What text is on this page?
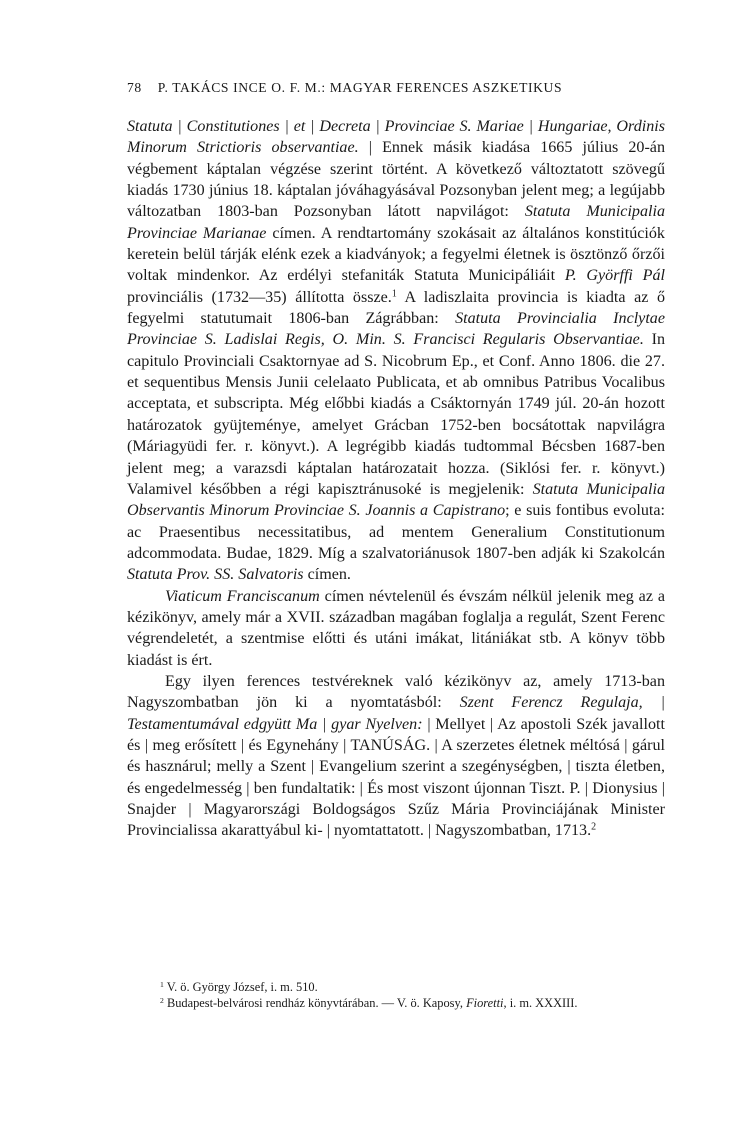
78 P. TAKÁCS INCE O. F. M.: MAGYAR FERENCES ASZKETIKUS

Statuta | Constitutiones | et | Decreta | Provinciae S. Mariae | Hungariae, Ordinis Minorum Strictioris observantiae. | Ennek másik kiadása 1665 július 20-án végbement káptalan végzése szerint történt. A következő változtatott szövegű kiadás 1730 június 18. káptalan jóváhagyásával Pozsonyban jelent meg; a legújabb változatban 1803-ban Pozsonyban látott napvilágot: Statuta Municipalia Provinciae Marianae címen. A rendtartomány szokásait az általános konstitúciók keretein belül tárják elénk ezek a kiadványok; a fegyelmi életnek is ösztönző őrzői voltak mindenkor. Az erdélyi stefaniták Statuta Municipáliáit P. Györffi Pál provinciális (1732—35) állította össze.$^1$ A ladiszlaita provincia is kiadta az ő fegyelmi statutumait 1806-ban Zágrábban: Statuta Provincialia Inclytae Provinciae S. Ladislai Regis, O. Min. S. Francisci Regularis Observantiae. In capitulo Provinciali Csaktornyae ad S. Nicobrum Ep., et Conf. Anno 1806. die 27. et sequentibus Mensis Junii celelaato Publicata, et ab omnibus Patribus Vocalibus acceptata, et subscripta. Még előbbi kiadás a Csáktornyán 1749 júl. 20-án hozott határozatok gyüjteménye, amelyet Grácban 1752-ben bocsátottak napvilágra (Máriagyüdi fer. r. könyvt.). A legrégibb kiadás tudtommal Bécsben 1687-ben jelent meg; a varazsdi káptalan határozatait hozza. (Siklósi fer. r. könyvt.) Valamivel későbben a régi kapisztránusoké is megjelenik: Statuta Municipalia Observantis Minorum Provinciae S. Joannis a Capistrano; e suis fontibus evoluta: ac Praesentibus necessitatibus, ad mentem Generalium Constitutionum adcommodata. Budae, 1829. Míg a szalvatoriánusok 1807-ben adják ki Szakolcán Statuta Prov. SS. Salvatoris címen.

Viaticum Franciscanum címen névtelenül és évszám nélkül jelenik meg az a kézikönyv, amely már a XVII. században magában foglalja a regulát, Szent Ferenc végrendeletét, a szentmise előtti és utáni imákat, litániákat stb. A könyv több kiadást is ért.

Egy ilyen ferences testvéreknek való kézikönyv az, amely 1713-ban Nagyszombatban jön ki a nyomtatásból: Szent Ferencz Regulaja, | Testamentumával edgyütt Ma | gyar Nyelven: | Mellyet | Az apostoli Szék javallott és | meg erősített | és Egynehány | TANÚSÁG. | A szerzetes életnek méltósá | gárul és hasznárul; melly a Szent | Evangelium szerint a szegénységben, | tiszta életben, és engedelmesség | ben fundaltatik: | És most viszont újonnan Tiszt. P. | Dionysius | Snajder | Magyarországi Boldogságos Szűz Mária Provinciájának Minister Provincialissa akarattyábul ki- | nyomtattatott. | Nagyszombatban, 1713.$^2$

$^1$ V. ö. György József, i. m. 510.

$^2$ Budapest-belvárosi rendház könyvtárában. — V. ö. Kaposy, Fioretti, i. m. XXXIII.
